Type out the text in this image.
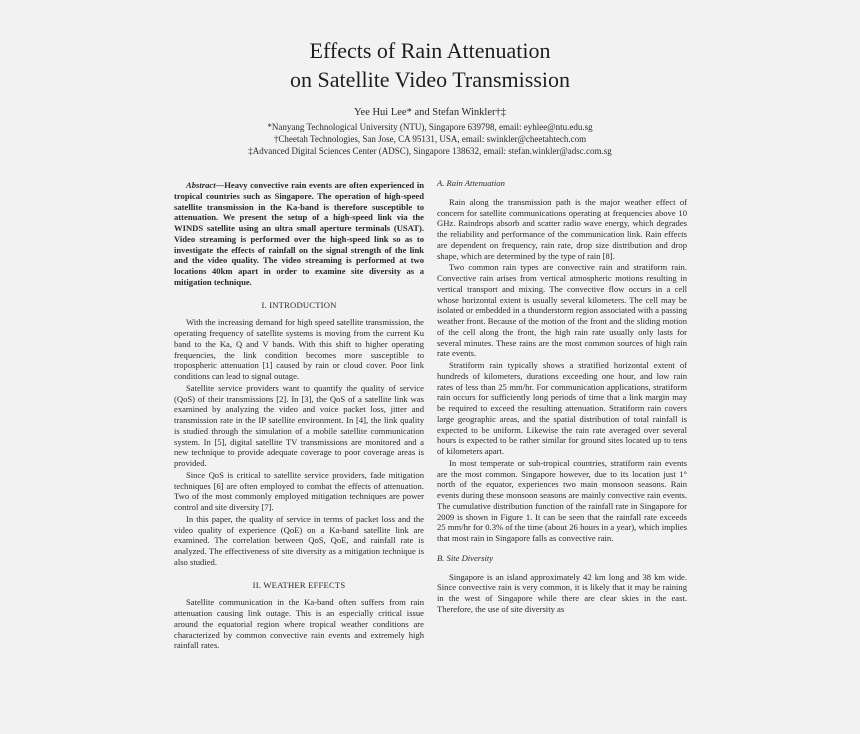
Effects of Rain Attenuation
on Satellite Video Transmission
Yee Hui Lee* and Stefan Winkler†‡
*Nanyang Technological University (NTU), Singapore 639798, email: eyhlee@ntu.edu.sg
†Cheetah Technologies, San Jose, CA 95131, USA, email: swinkler@cheetahtech.com
‡Advanced Digital Sciences Center (ADSC), Singapore 138632, email: stefan.winkler@adsc.com.sg
Abstract—Heavy convective rain events are often experienced in tropical countries such as Singapore. The operation of high-speed satellite transmission in the Ka-band is therefore susceptible to attenuation. We present the setup of a high-speed link via the WINDS satellite using an ultra small aperture terminals (USAT). Video streaming is performed over the high-speed link so as to investigate the effects of rainfall on the signal strength of the link and the video quality. The video streaming is performed at two locations 40km apart in order to examine site diversity as a mitigation technique.
I. INTRODUCTION

With the increasing demand for high speed satellite transmission, the operating frequency of satellite systems is moving from the current Ku band to the Ka, Q and V bands. With this shift to higher operating frequencies, the link condition becomes more susceptible to tropospheric attenuation [1] caused by rain or cloud cover. Poor link conditions can lead to signal outage.

Satellite service providers want to quantify the quality of service (QoS) of their transmissions [2]. In [3], the QoS of a satellite link was examined by analyzing the video and voice packet loss, jitter and transmission rate in the IP satellite environment. In [4], the link quality is studied through the simulation of a mobile satellite communication system. In [5], digital satellite TV transmissions are monitored and a new technique to provide adequate coverage to poor coverage areas is provided.

Since QoS is critical to satellite service providers, fade mitigation techniques [6] are often employed to combat the effects of attenuation. Two of the most commonly employed mitigation techniques are power control and site diversity [7].

In this paper, the quality of service in terms of packet loss and the video quality of experience (QoE) on a Ka-band satellite link are examined. The correlation between QoS, QoE, and rainfall rate is analyzed. The effectiveness of site diversity as a mitigation technique is also studied.

II. WEATHER EFFECTS

Satellite communication in the Ka-band often suffers from rain attenuation causing link outage. This is an especially critical issue around the equatorial region where tropical weather conditions are characterized by common convective rain events and extremely high rainfall rates.

A. Rain Attenuation

Rain along the transmission path is the major weather effect of concern for satellite communications operating at frequencies above 10 GHz. Raindrops absorb and scatter radio wave energy, which degrades the reliability and performance of the communication link. Rain effects are dependent on frequency, rain rate, drop size distribution and drop shape, which are determined by the type of rain [8].

Two common rain types are convective rain and stratiform rain. Convective rain arises from vertical atmospheric motions resulting in vertical transport and mixing. The convective flow occurs in a cell whose horizontal extent is usually several kilometers. The cell may be isolated or embedded in a thunderstorm region associated with a passing weather front. Because of the motion of the front and the sliding motion of the cell along the front, the high rain rate usually only lasts for several minutes. These rains are the most common sources of high rain rate events.

Stratiform rain typically shows a stratified horizontal extent of hundreds of kilometers, durations exceeding one hour, and low rain rates of less than 25 mm/hr. For communication applications, stratiform rain occurs for sufficiently long periods of time that a link margin may be required to exceed the resulting attenuation. Stratiform rain covers large geographic areas, and the spatial distribution of total rainfall is expected to be uniform. Likewise the rain rate averaged over several hours is expected to be rather similar for ground sites located up to tens of kilometers apart.

In most temperate or sub-tropical countries, stratiform rain events are the most common. Singapore however, due to its location just 1° north of the equator, experiences two main monsoon seasons. Rain events during these monsoon seasons are mainly convective rain events. The cumulative distribution function of the rainfall rate in Singapore for 2009 is shown in Figure 1. It can be seen that the rainfall rate exceeds 25 mm/hr for 0.3% of the time (about 26 hours in a year), which implies that most rain in Singapore falls as convective rain.

B. Site Diversity

Singapore is an island approximately 42 km long and 38 km wide. Since convective rain is very common, it is likely that it may be raining in the west of Singapore while there are clear skies in the east. Therefore, the use of site diversity as
